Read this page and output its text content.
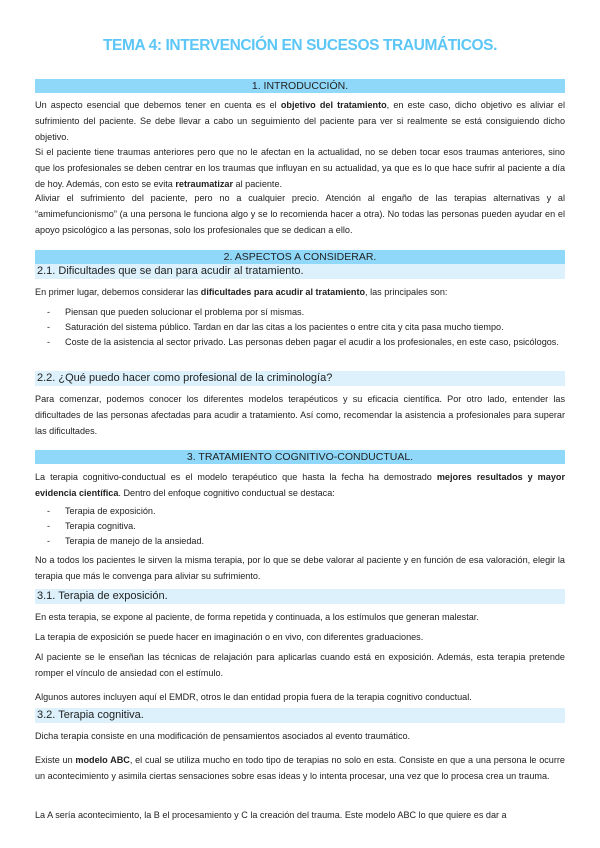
TEMA 4: INTERVENCIÓN EN SUCESOS TRAUMÁTICOS.
1. INTRODUCCIÓN.
Un aspecto esencial que debemos tener en cuenta es el objetivo del tratamiento, en este caso, dicho objetivo es aliviar el sufrimiento del paciente. Se debe llevar a cabo un seguimiento del paciente para ver si realmente se está consiguiendo dicho objetivo.
Si el paciente tiene traumas anteriores pero que no le afectan en la actualidad, no se deben tocar esos traumas anteriores, sino que los profesionales se deben centrar en los traumas que influyan en su actualidad, ya que es lo que hace sufrir al paciente a día de hoy. Además, con esto se evita retraumatizar al paciente.
Aliviar el sufrimiento del paciente, pero no a cualquier precio. Atención al engaño de las terapias alternativas y al “amimefuncionismo” (a una persona le funciona algo y se lo recomienda hacer a otra). No todas las personas pueden ayudar en el apoyo psicológico a las personas, solo los profesionales que se dedican a ello.
2. ASPECTOS A CONSIDERAR.
2.1. Dificultades que se dan para acudir al tratamiento.
En primer lugar, debemos considerar las dificultades para acudir al tratamiento, las principales son:
- Piensan que pueden solucionar el problema por sí mismas.
- Saturación del sistema público. Tardan en dar las citas a los pacientes o entre cita y cita pasa mucho tiempo.
- Coste de la asistencia al sector privado. Las personas deben pagar el acudir a los profesionales, en este caso, psicólogos.
2.2. ¿Qué puedo hacer como profesional de la criminología?
Para comenzar, podemos conocer los diferentes modelos terapéuticos y su eficacia científica. Por otro lado, entender las dificultades de las personas afectadas para acudir a tratamiento. Así como, recomendar la asistencia a profesionales para superar las dificultades.
3. TRATAMIENTO COGNITIVO-CONDUCTUAL.
La terapia cognitivo-conductual es el modelo terapéutico que hasta la fecha ha demostrado mejores resultados y mayor evidencia científica. Dentro del enfoque cognitivo conductual se destaca:
- Terapia de exposición.
- Terapia cognitiva.
- Terapia de manejo de la ansiedad.
No a todos los pacientes le sirven la misma terapia, por lo que se debe valorar al paciente y en función de esa valoración, elegir la terapia que más le convenga para aliviar su sufrimiento.
3.1. Terapia de exposición.
En esta terapia, se expone al paciente, de forma repetida y continuada, a los estímulos que generan malestar.
La terapia de exposición se puede hacer en imaginación o en vivo, con diferentes graduaciones.
Al paciente se le enseñan las técnicas de relajación para aplicarlas cuando está en exposición. Además, esta terapia pretende romper el vínculo de ansiedad con el estímulo.
Algunos autores incluyen aquí el EMDR, otros le dan entidad propia fuera de la terapia cognitivo conductual.
3.2. Terapia cognitiva.
Dicha terapia consiste en una modificación de pensamientos asociados al evento traumático.
Existe un modelo ABC, el cual se utiliza mucho en todo tipo de terapias no solo en esta. Consiste en que a una persona le ocurre un acontecimiento y asimila ciertas sensaciones sobre esas ideas y lo intenta procesar, una vez que lo procesa crea un trauma.
La A sería acontecimiento, la B el procesamiento y C la creación del trauma. Este modelo ABC lo que quiere es dar a
